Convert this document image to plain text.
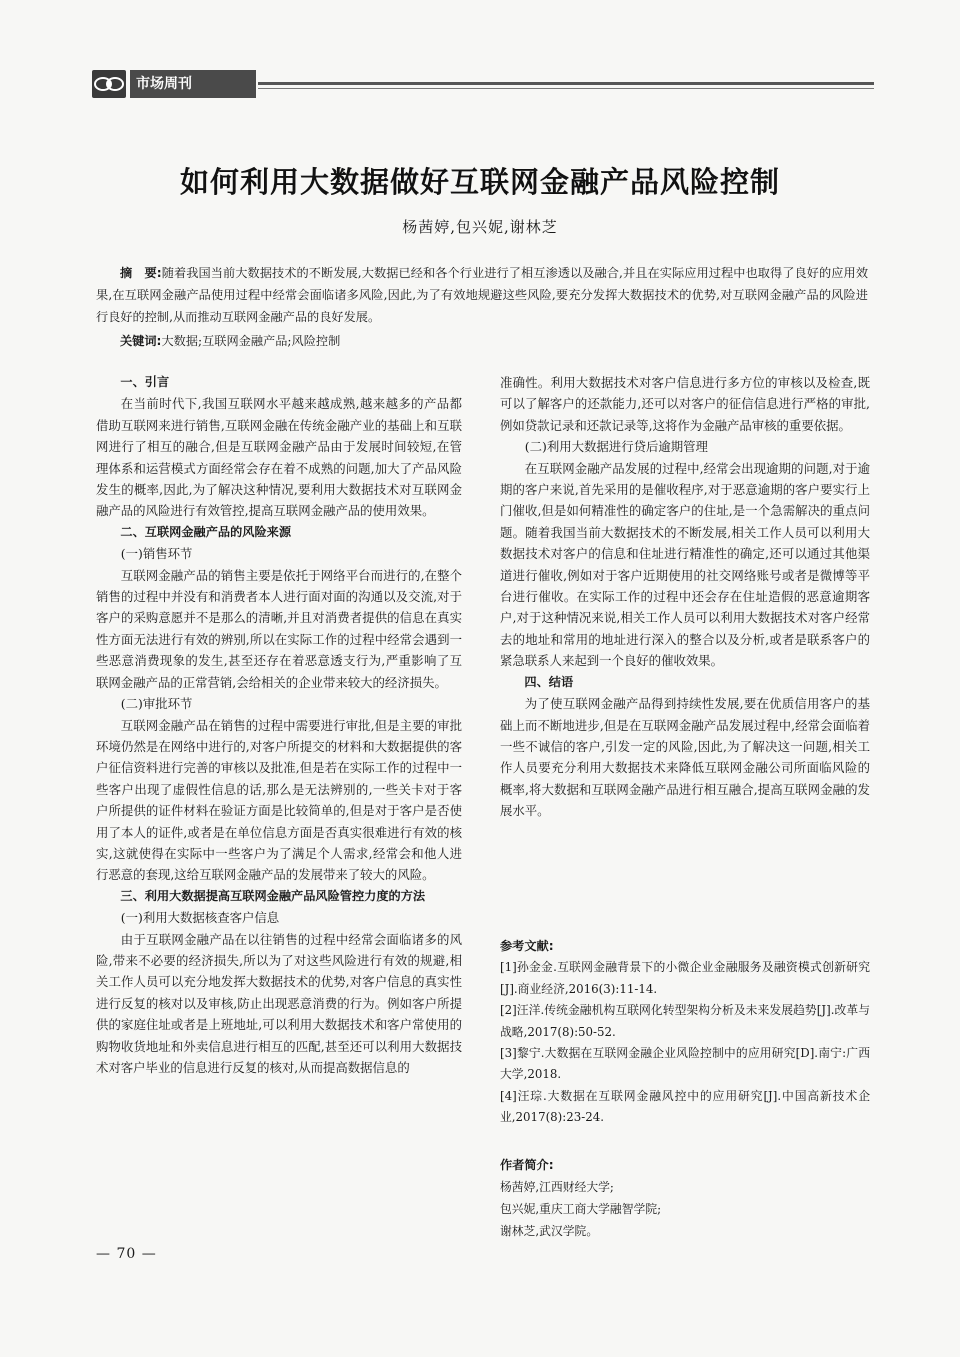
市场周刊
如何利用大数据做好互联网金融产品风险控制
杨茜婷,包兴妮,谢林芝
摘　要:随着我国当前大数据技术的不断发展,大数据已经和各个行业进行了相互渗透以及融合,并且在实际应用过程中也取得了良好的应用效果,在互联网金融产品使用过程中经常会面临诸多风险,因此,为了有效地规避这些风险,要充分发挥大数据技术的优势,对互联网金融产品的风险进行良好的控制,从而推动互联网金融产品的良好发展。
关键词:大数据;互联网金融产品;风险控制

一、引言

在当前时代下,我国互联网水平越来越成熟,越来越多的产品都借助互联网来进行销售,互联网金融在传统金融产业的基础上和互联网进行了相互的融合,但是互联网金融产品由于发展时间较短,在管理体系和运营模式方面经常会存在着不成熟的问题,加大了产品风险发生的概率,因此,为了解决这种情况,要利用大数据技术对互联网金融产品的风险进行有效管控,提高互联网金融产品的使用效果。

二、互联网金融产品的风险来源

(一)销售环节

互联网金融产品的销售主要是依托于网络平台而进行的,在整个销售的过程中并没有和消费者本人进行面对面的沟通以及交流,对于客户的采购意愿并不是那么的清晰,并且对消费者提供的信息在真实性方面无法进行有效的辨别,所以在实际工作的过程中经常会遇到一些恶意消费现象的发生,甚至还存在着恶意透支行为,严重影响了互联网金融产品的正常营销,会给相关的企业带来较大的经济损失。

(二)审批环节

互联网金融产品在销售的过程中需要进行审批,但是主要的审批环境仍然是在网络中进行的,对客户所提交的材料和大数据提供的客户征信资料进行完善的审核以及批准,但是若在实际工作的过程中一些客户出现了虚假性信息的话,那么是无法辨别的,一些关卡对于客户所提供的证件材料在验证方面是比较简单的,但是对于客户是否使用了本人的证件,或者是在单位信息方面是否真实很难进行有效的核实,这就使得在实际中一些客户为了满足个人需求,经常会和他人进行恶意的套现,这给互联网金融产品的发展带来了较大的风险。

三、利用大数据提高互联网金融产品风险管控力度的方法

(一)利用大数据核查客户信息

由于互联网金融产品在以往销售的过程中经常会面临诸多的风险,带来不必要的经济损失,所以为了对这些风险进行有效的规避,相关工作人员可以充分地发挥大数据技术的优势,对客户信息的真实性进行反复的核对以及审核,防止出现恶意消费的行为。例如客户所提供的家庭住址或者是上班地址,可以利用大数据技术和客户常使用的购物收货地址和外卖信息进行相互的匹配,甚至还可以利用大数据技术对客户毕业的信息进行反复的核对,从而提高数据信息的

准确性。利用大数据技术对客户信息进行多方位的审核以及检查,既可以了解客户的还款能力,还可以对客户的征信信息进行严格的审批,例如贷款记录和还款记录等,这将作为金融产品审核的重要依据。

(二)利用大数据进行贷后逾期管理

在互联网金融产品发展的过程中,经常会出现逾期的问题,对于逾期的客户来说,首先采用的是催收程序,对于恶意逾期的客户要实行上门催收,但是如何精准性的确定客户的住址,是一个急需解决的重点问题。随着我国当前大数据技术的不断发展,相关工作人员可以利用大数据技术对客户的信息和住址进行精准性的确定,还可以通过其他渠道进行催收,例如对于客户近期使用的社交网络账号或者是微博等平台进行催收。在实际工作的过程中还会存在住址造假的恶意逾期客户,对于这种情况来说,相关工作人员可以利用大数据技术对客户经常去的地址和常用的地址进行深入的整合以及分析,或者是联系客户的紧急联系人来起到一个良好的催收效果。

四、结语

为了使互联网金融产品得到持续性发展,要在优质信用客户的基础上而不断地进步,但是在互联网金融产品发展过程中,经常会面临着一些不诚信的客户,引发一定的风险,因此,为了解决这一问题,相关工作人员要充分利用大数据技术来降低互联网金融公司所面临风险的概率,将大数据和互联网金融产品进行相互融合,提高互联网金融的发展水平。

参考文献:

[1]孙金金.互联网金融背景下的小微企业金融服务及融资模式创新研究[J].商业经济,2016(3):11-14.

[2]汪洋.传统金融机构互联网化转型架构分析及未来发展趋势[J].改革与战略,2017(8):50-52.

[3]黎宁.大数据在互联网金融企业风险控制中的应用研究[D].南宁:广西大学,2018.

[4]汪琮.大数据在互联网金融风控中的应用研究[J].中国高新技术企业,2017(8):23-24.

作者简介:

杨茜婷,江西财经大学;

包兴妮,重庆工商大学融智学院;

谢林芝,武汉学院。

— 70 —
